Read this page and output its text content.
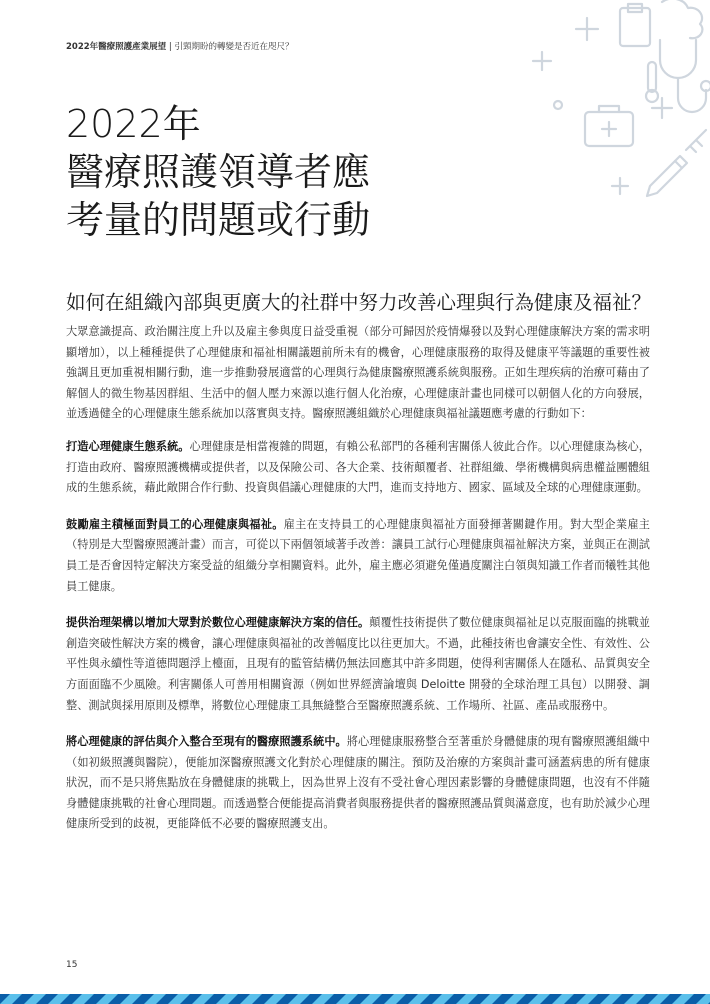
2022年醫療照護產業展望 | 引頸期盼的轉變是否近在咫尺？
2022年
醫療照護領導者應
考量的問題或行動
如何在組織內部與更廣大的社群中努力改善心理與行為健康及福祉？

大眾意識提高、政治關注度上升以及雇主參與度日益受重視（部分可歸因於疫情爆發以及對心理健康解決方案的需求明顯增加），以上種種提供了心理健康和福祉相關議題前所未有的機會，心理健康服務的取得及健康平等議題的重要性被強調且更加重視相關行動，進一步推動發展適當的心理與行為健康醫療照護系統與服務。正如生理疾病的治療可藉由了解個人的微生物基因群組、生活中的個人壓力來源以進行個人化治療，心理健康計畫也同樣可以朝個人化的方向發展，並透過健全的心理健康生態系統加以落實與支持。醫療照護組織於心理健康與福祉議題應考慮的行動如下：

打造心理健康生態系統。心理健康是相當複雜的問題，有賴公私部門的各種利害關係人彼此合作。以心理健康為核心，打造由政府、醫療照護機構或提供者，以及保險公司、各大企業、技術顛覆者、社群組織、學術機構與病患權益團體組成的生態系統，藉此敞開合作行動、投資與倡議心理健康的大門，進而支持地方、國家、區域及全球的心理健康運動。

鼓勵雇主積極面對員工的心理健康與福祉。雇主在支持員工的心理健康與福祉方面發揮著關鍵作用。對大型企業雇主（特別是大型醫療照護計畫）而言，可從以下兩個領域著手改善：讓員工試行心理健康與福祉解決方案，並與正在測試員工是否會因特定解決方案受益的組織分享相關資料。此外，雇主應必須避免僅過度關注白領與知識工作者而犧牲其他員工健康。

提供治理架構以增加大眾對於數位心理健康解決方案的信任。顛覆性技術提供了數位健康與福祉足以克服面臨的挑戰並創造突破性解決方案的機會，讓心理健康與福祉的改善幅度比以往更加大。不過，此種技術也會讓安全性、有效性、公平性與永續性等道德問題浮上檯面，且現有的監管結構仍無法回應其中許多問題，使得利害關係人在隱私、品質與安全方面面臨不少風險。利害關係人可善用相關資源（例如世界經濟論壇與 Deloitte 開發的全球治理工具包）以開發、調整、測試與採用原則及標準，將數位心理健康工具無縫整合至醫療照護系統、工作場所、社區、產品或服務中。

將心理健康的評估與介入整合至現有的醫療照護系統中。將心理健康服務整合至著重於身體健康的現有醫療照護組織中（如初級照護與醫院），便能加深醫療照護文化對於心理健康的關注。預防及治療的方案與計畫可涵蓋病患的所有健康狀況，而不是只將焦點放在身體健康的挑戰上，因為世界上沒有不受社會心理因素影響的身體健康問題，也沒有不伴隨身體健康挑戰的社會心理問題。而透過整合便能提高消費者與服務提供者的醫療照護品質與滿意度，也有助於減少心理健康所受到的歧視，更能降低不必要的醫療照護支出。

15
